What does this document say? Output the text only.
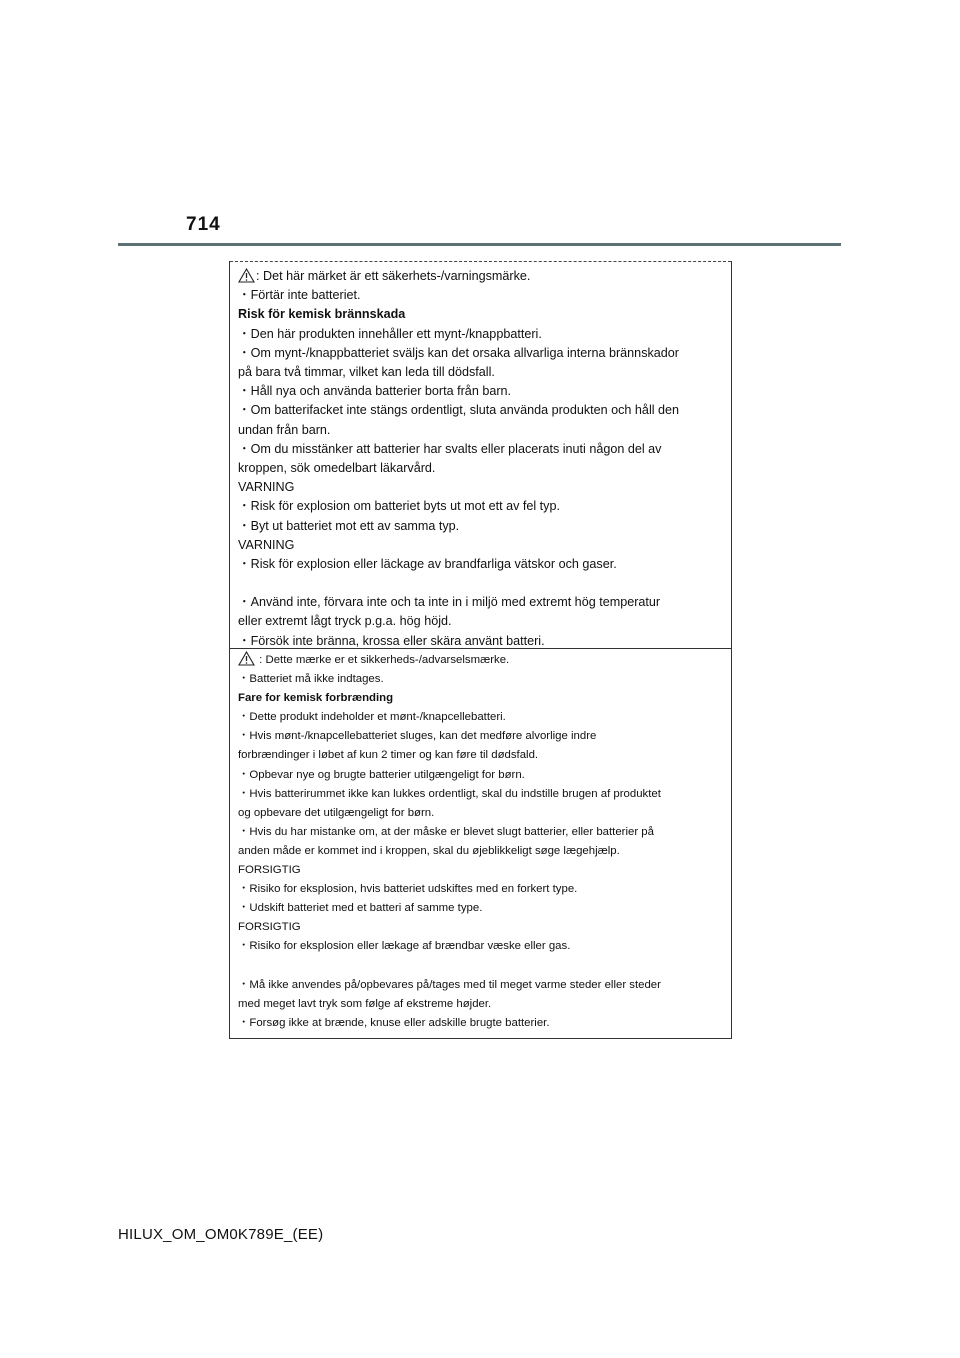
714
: Det här märket är ett säkerhets-/varningsmärke.
・Förtär inte batteriet.
Risk för kemisk brännskada
・Den här produkten innehåller ett mynt-/knappbatteri.
・Om mynt-/knappbatteriet sväljs kan det orsaka allvarliga interna brännskador
på bara två timmar, vilket kan leda till dödsfall.
・Håll nya och använda batterier borta från barn.
・Om batterifacket inte stängs ordentligt, sluta använda produkten och håll den
undan från barn.
・Om du misstänker att batterier har svalts eller placerats inuti någon del av
kroppen, sök omedelbart läkarvård.
VARNING
・Risk för explosion om batteriet byts ut mot ett av fel typ.
・Byt ut batteriet mot ett av samma typ.
VARNING
・Risk för explosion eller läckage av brandfarliga vätskor och gaser.
・Använd inte, förvara inte och ta inte in i miljö med extremt hög temperatur
eller extremt lågt tryck p.g.a. hög höjd.
・Försök inte bränna, krossa eller skära använt batteri.
: Dette mærke er et sikkerheds-/advarselsmærke.
・Batteriet må ikke indtages.
Fare for kemisk forbrænding
・Dette produkt indeholder et mønt-/knapcellebatteri.
・Hvis mønt-/knapcellebatteriet sluges, kan det medføre alvorlige indre
forbrændinger i løbet af kun 2 timer og kan føre til dødsfald.
・Opbevar nye og brugte batterier utilgængeligt for børn.
・Hvis batterirummet ikke kan lukkes ordentligt, skal du indstille brugen af produktet
og opbevare det utilgængeligt for børn.
・Hvis du har mistanke om, at der måske er blevet slugt batterier, eller batterier på
anden måde er kommet ind i kroppen, skal du øjeblikkeligt søge lægehjælp.
FORSIGTIG
・Risiko for eksplosion, hvis batteriet udskiftes med en forkert type.
・Udskift batteriet med et batteri af samme type.
FORSIGTIG
・Risiko for eksplosion eller lækage af brændbar væske eller gas.
・Må ikke anvendes på/opbevares på/tages med til meget varme steder eller steder
med meget lavt tryk som følge af ekstreme højder.
・Forsøg ikke at brænde, knuse eller adskille brugte batterier.
HILUX_OM_OM0K789E_(EE)
